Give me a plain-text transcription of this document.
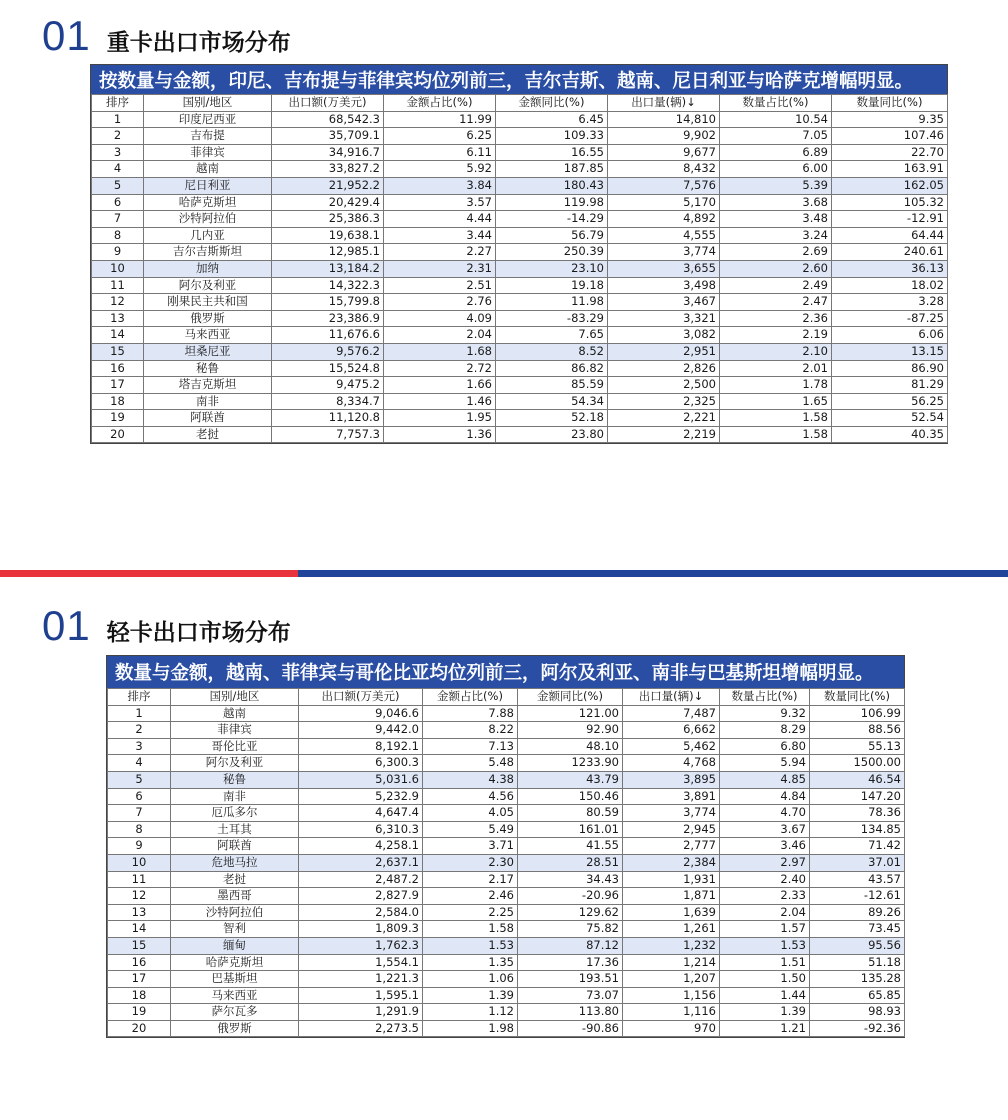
01 重卡出口市场分布
按数量与金额，印尼、吉布提与菲律宾均位列前三，吉尔吉斯、越南、尼日利亚与哈萨克增幅明显。
排序	国别/地区	出口额(万美元)	金额占比(%)	金额同比(%)	出口量(辆)↓	数量占比(%)	数量同比(%)
1	印度尼西亚	68,542.3	11.99	6.45	14,810	10.54	9.35
2	吉布提	35,709.1	6.25	109.33	9,902	7.05	107.46
3	菲律宾	34,916.7	6.11	16.55	9,677	6.89	22.70
4	越南	33,827.2	5.92	187.85	8,432	6.00	163.91
5	尼日利亚	21,952.2	3.84	180.43	7,576	5.39	162.05
6	哈萨克斯坦	20,429.4	3.57	119.98	5,170	3.68	105.32
7	沙特阿拉伯	25,386.3	4.44	-14.29	4,892	3.48	-12.91
8	几内亚	19,638.1	3.44	56.79	4,555	3.24	64.44
9	吉尔吉斯斯坦	12,985.1	2.27	250.39	3,774	2.69	240.61
10	加纳	13,184.2	2.31	23.10	3,655	2.60	36.13
11	阿尔及利亚	14,322.3	2.51	19.18	3,498	2.49	18.02
12	刚果民主共和国	15,799.8	2.76	11.98	3,467	2.47	3.28
13	俄罗斯	23,386.9	4.09	-83.29	3,321	2.36	-87.25
14	马来西亚	11,676.6	2.04	7.65	3,082	2.19	6.06
15	坦桑尼亚	9,576.2	1.68	8.52	2,951	2.10	13.15
16	秘鲁	15,524.8	2.72	86.82	2,826	2.01	86.90
17	塔吉克斯坦	9,475.2	1.66	85.59	2,500	1.78	81.29
18	南非	8,334.7	1.46	54.34	2,325	1.65	56.25
19	阿联酋	11,120.8	1.95	52.18	2,221	1.58	52.54
20	老挝	7,757.3	1.36	23.80	2,219	1.58	40.35
01 轻卡出口市场分布
数量与金额，越南、菲律宾与哥伦比亚均位列前三，阿尔及利亚、南非与巴基斯坦增幅明显。
排序	国别/地区	出口额(万美元)	金额占比(%)	金额同比(%)	出口量(辆)↓	数量占比(%)	数量同比(%)
1	越南	9,046.6	7.88	121.00	7,487	9.32	106.99
2	菲律宾	9,442.0	8.22	92.90	6,662	8.29	88.56
3	哥伦比亚	8,192.1	7.13	48.10	5,462	6.80	55.13
4	阿尔及利亚	6,300.3	5.48	1233.90	4,768	5.94	1500.00
5	秘鲁	5,031.6	4.38	43.79	3,895	4.85	46.54
6	南非	5,232.9	4.56	150.46	3,891	4.84	147.20
7	厄瓜多尔	4,647.4	4.05	80.59	3,774	4.70	78.36
8	土耳其	6,310.3	5.49	161.01	2,945	3.67	134.85
9	阿联酋	4,258.1	3.71	41.55	2,777	3.46	71.42
10	危地马拉	2,637.1	2.30	28.51	2,384	2.97	37.01
11	老挝	2,487.2	2.17	34.43	1,931	2.40	43.57
12	墨西哥	2,827.9	2.46	-20.96	1,871	2.33	-12.61
13	沙特阿拉伯	2,584.0	2.25	129.62	1,639	2.04	89.26
14	智利	1,809.3	1.58	75.82	1,261	1.57	73.45
15	缅甸	1,762.3	1.53	87.12	1,232	1.53	95.56
16	哈萨克斯坦	1,554.1	1.35	17.36	1,214	1.51	51.18
17	巴基斯坦	1,221.3	1.06	193.51	1,207	1.50	135.28
18	马来西亚	1,595.1	1.39	73.07	1,156	1.44	65.85
19	萨尔瓦多	1,291.9	1.12	113.80	1,116	1.39	98.93
20	俄罗斯	2,273.5	1.98	-90.86	970	1.21	-92.36
